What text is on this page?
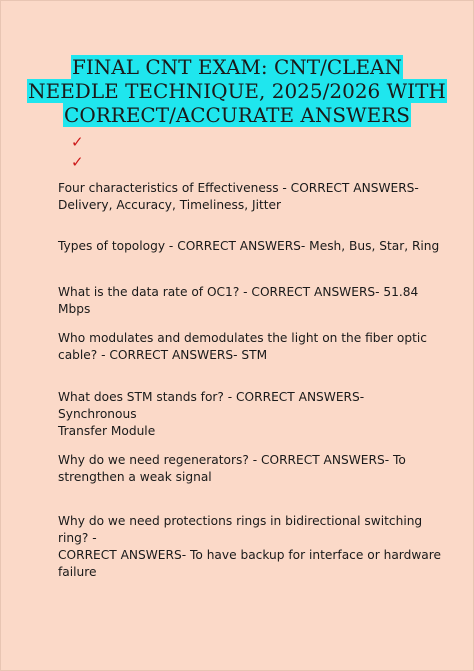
FINAL CNT EXAM: CNT/CLEAN
NEEDLE TECHNIQUE, 2025/2026 WITH
CORRECT/ACCURATE ANSWERS
✓
✓

Four characteristics of Effectiveness - CORRECT ANSWERS-
Delivery, Accuracy, Timeliness, Jitter

Types of topology - CORRECT ANSWERS- Mesh, Bus, Star, Ring

What is the data rate of OC1? - CORRECT ANSWERS- 51.84 Mbps

Who modulates and demodulates the light on the fiber optic
cable? - CORRECT ANSWERS- STM

What does STM stands for? - CORRECT ANSWERS- Synchronous
Transfer Module

Why do we need regenerators? - CORRECT ANSWERS- To
strengthen a weak signal

Why do we need protections rings in bidirectional switching ring? -
CORRECT ANSWERS- To have backup for interface or hardware
failure
